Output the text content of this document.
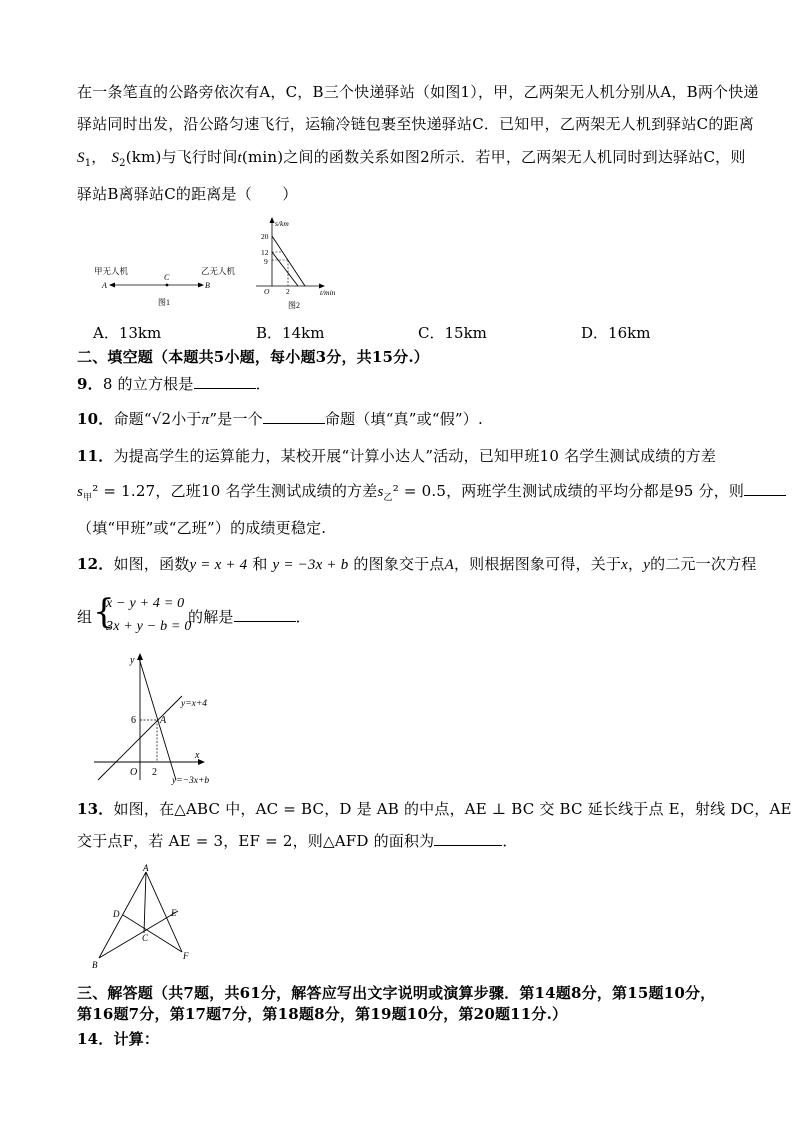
在一条笔直的公路旁依次有A，C，B三个快递驿站（如图1），甲，乙两架无人机分别从A，B两个快递
驿站同时出发，沿公路匀速飞行，运输冷链包裹至快递驿站C．已知甲，乙两架无人机到驿站C的距离
$S_1$， $S_2(km)$与飞行时间t(min)之间的函数关系如图2所示．若甲，乙两架无人机同时到达驿站C，则
驿站B离驿站C的距离是（　　）
甲无人机	乙无人机
A	B
C
图1
s/km
t/min
20
12
9
2
O
图2
A．13km	B．14km	C．15km	D．16km
二、填空题（本题共5小题，每小题3分，共15分.）
9．8 的立方根是	．
10．命题“√2小于π”是一个	命题（填“真”或“假”）.
11．为提高学生的运算能力，某校开展“计算小达人”活动，已知甲班10 名学生测试成绩的方差
$s_甲^2 = 1.27$，乙班10 名学生测试成绩的方差$s_乙^2 = 0.5$，两班学生测试成绩的平均分都是95 分，则
（填“甲班”或“乙班”）的成绩更稳定.
12．如图，函数y = x + 4 和 y = −3x + b 的图象交于点A，则根据图象可得，关于x，y的二元一次方程
组 {
x − y + 4 = 0
3x + y − b = 0
的解是	．
y
x
O
6
2
A
y=x+4
y=−3x+b
13．如图，在△ABC 中，AC = BC，D 是 AB 的中点，AE ⊥ BC 交 BC 延长线于点 E，射线 DC，AE
交于点F，若 AE = 3，EF = 2，则△AFD 的面积为	．
A
B
C
D	E
F
三、解答题（共7题，共61分，解答应写出文字说明或演算步骤．第14题8分，第15题10分，
第16题7分，第17题7分，第18题8分，第19题10分，第20题11分.）
14．计算：
